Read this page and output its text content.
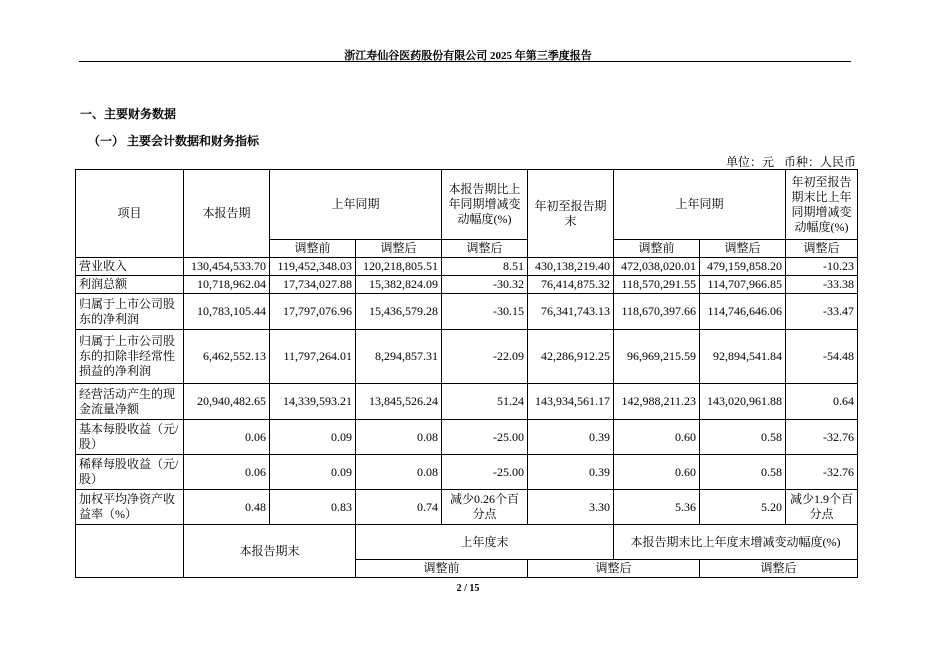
浙江寿仙谷医药股份有限公司 2025 年第三季度报告
一、主要财务数据
（一） 主要会计数据和财务指标
单位：元 币种：人民币
项目	本报告期	上年同期		本报告期比上年同期增减变动幅度(%)	年初至报告期末	上年同期		年初至报告期末比上年同期增减变动幅度(%)
		调整前	调整后	调整后		调整前	调整后	调整后
营业收入	130,454,533.70	119,452,348.03	120,218,805.51	8.51	430,138,219.40	472,038,020.01	479,159,858.20	-10.23
利润总额	10,718,962.04	17,734,027.88	15,382,824.09	-30.32	76,414,875.32	118,570,291.55	114,707,966.85	-33.38
归属于上市公司股东的净利润	10,783,105.44	17,797,076.96	15,436,579.28	-30.15	76,341,743.13	118,670,397.66	114,746,646.06	-33.47
归属于上市公司股东的扣除非经常性损益的净利润	6,462,552.13	11,797,264.01	8,294,857.31	-22.09	42,286,912.25	96,969,215.59	92,894,541.84	-54.48
经营活动产生的现金流量净额	20,940,482.65	14,339,593.21	13,845,526.24	51.24	143,934,561.17	142,988,211.23	143,020,961.88	0.64
基本每股收益（元/股）	0.06	0.09	0.08	-25.00	0.39	0.60	0.58	-32.76
稀释每股收益（元/股）	0.06	0.09	0.08	-25.00	0.39	0.60	0.58	-32.76
加权平均净资产收益率（%）	0.48	0.83	0.74	减少0.26个百分点	3.30	5.36	5.20	减少1.9个百分点
	本报告期末		上年度末			本报告期末比上年度末增减变动幅度(%)		
			调整前		调整后		调整后	
2 / 15
